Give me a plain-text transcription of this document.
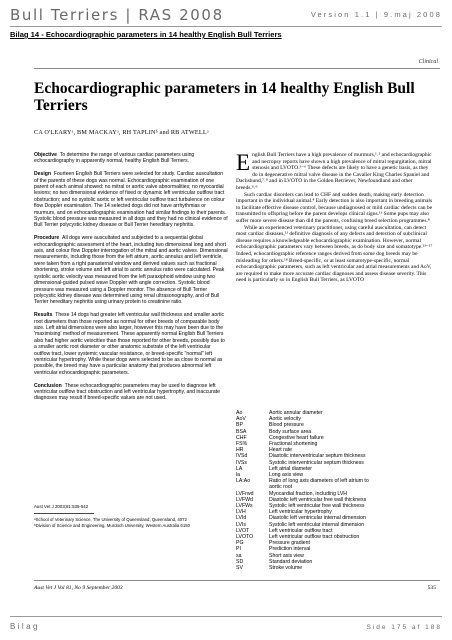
Bull Terriers | RAS 2008	Version 1.1 | 9.maj 2008
Bilag 14 - Echocardiographic parameters in 14 healthy English Bull Terriers
Clinical
Echocardiographic parameters in 14 healthy English Bull Terriers
CA O'LEARYᵃ, BM MACKAYᵃ, RH TAPLINᵇ and RB ATWELLᵃ

Objective To determine the range of various cardiac parameters using echocardiography in apparently normal, healthy English Bull Terriers.

Design Fourteen English Bull Terriers were selected for study. Cardiac auscultation of the parents of these dogs was normal. Echocardiographic examination of one parent of each animal showed: no mitral or aortic valve abnormalities; no myocardial lesions; no two dimensional evidence of fixed or dynamic left ventricular outflow tract obstruction; and no systolic aortic or left ventricular outflow tract turbulence on colour flow Doppler examination. The 14 selected dogs did not have arrhythmias or murmurs, and on echocardiographic examination had similar findings to their parents. Systolic blood pressure was measured in all dogs and they had no clinical evidence of Bull Terrier polycystic kidney disease or Bull Terrier hereditary nephritis.

Procedure All dogs were auscultated and subjected to a sequential global echocardiographic assessment of the heart, including two dimensional long and short axis, and colour flow Doppler interrogation of the mitral and aortic valves. Dimensional measurements, including those from the left atrium, aortic annulus and left ventricle, were taken from a right parasternal window and derived values such as fractional shortening, stroke volume and left atrial to aortic annulus ratio were calculated. Peak systolic aortic velocity was measured from the left paraxiphoid window using two dimensional-guided pulsed wave Doppler with angle correction. Systolic blood pressure was measured using a Doppler monitor. The absence of Bull Terrier polycystic kidney disease was determined using renal ultrasonography, and of Bull Terrier hereditary nephritis using urinary protein to creatinine ratio.

Results These 14 dogs had greater left ventricular wall thickness and smaller aortic root diameters than those reported as normal for other breeds of comparable body size. Left atrial dimensions were also larger, however this may have been due to the 'maximising' method of measurement. These apparently normal English Bull Terriers also had higher aortic velocities than those reported for other breeds, possibly due to a smaller aortic root diameter or other anatomic substrate of the left ventricular outflow tract, lower systemic vascular resistance, or breed-specific "normal" left ventricular hypertrophy. While these dogs were selected to be as close to normal as possible, the breed may have a particular anatomy that produces abnormal left ventricular echocardiographic parameters.

Conclusion These echocardiographic parameters may be used to diagnose left ventricular outflow tract obstruction and left ventricular hypertrophy, and inaccurate diagnoses may result if breed-specific values are not used.

Aust Vet J 2003;81:535-542
ᵃSchool of Veterinary Science, The University of Queensland, Queensland, 4072
ᵇDivision of Science and Engineering, Murdoch University, Western Australia 6150

English Bull Terriers have a high prevalence of murmurs,¹˒² and echocardiographic and necropsy reports have shown a high prevalence of mitral regurgitation, mitral stenosis and LVOTO.³⁻⁶ These defects are likely to have a genetic basis, as they do in degenerative mitral valve disease in the Cavalier King Charles Spaniel and Dachshund,⁷˒⁸ and in LVOTO in the Golden Retriever, Newfoundland and other breeds.⁶˒⁹

Such cardiac disorders can lead to CHF and sudden death, making early detection important in the individual animal.⁴ Early detection is also important in breeding animals to facilitate effective disease control, because undiagnosed or mild cardiac defects can be transmitted to offspring before the parent develops clinical signs.¹¹ Some pups may also suffer more severe disease than did the parents, confusing breed selection programmes.⁸

While an experienced veterinary practitioner, using careful auscultation, can detect most cardiac diseases,¹² definitive diagnosis of any defects and detection of subclinical disease requires a knowledgeable echocardiographic examination. However, normal echocardiographic parameters vary between breeds, as do body size and somatotype.¹³⁻¹⁷ Indeed, echocardiographic reference ranges derived from some dog breeds may be misleading for others.¹⁸ Breed-specific, or at least somatotype-specific, normal echocardiographic parameters, such as left ventricular and atrial measurements and AoV, are required to make more accurate cardiac diagnoses and assess disease severity. This need is particularly so in English Bull Terriers, as LVOTO

Ao	Aortic annular diameter
AoV	Aortic velocity
BP	Blood pressure
BSA	Body surface area
CHF	Congestive heart failure
FS%	Fractional shortening
HR	Heart rate
IVSd	Diastolic interventricular septum thickness
IVSs	Systolic interventricular septum thickness
LA	Left atrial diameter
la	Long axis view
LA:Ao	Ratio of long axis diameters of left atrium to
aortic root
LVFrwd	Myocardial fraction, including LVH
LVFWd	Diastolic left ventricular free wall thickness
LVFWs	Systolic left ventricular free wall thickness
LVH	Left ventricular hypertrophy
LVId	Diastolic left ventricular internal dimension
LVIs	Systolic left ventricular internal dimension
LVOT	Left ventricular outflow tract
LVOTO	Left ventricular outflow tract obstruction
PG	Pressure gradient
PI	Prediction interval
sa	Short axis view
SD	Standard deviation
SV	Stroke volume
Aust Vet J Vol 81, No 9 September 2003	535
Bilag	Side 175 af 188
